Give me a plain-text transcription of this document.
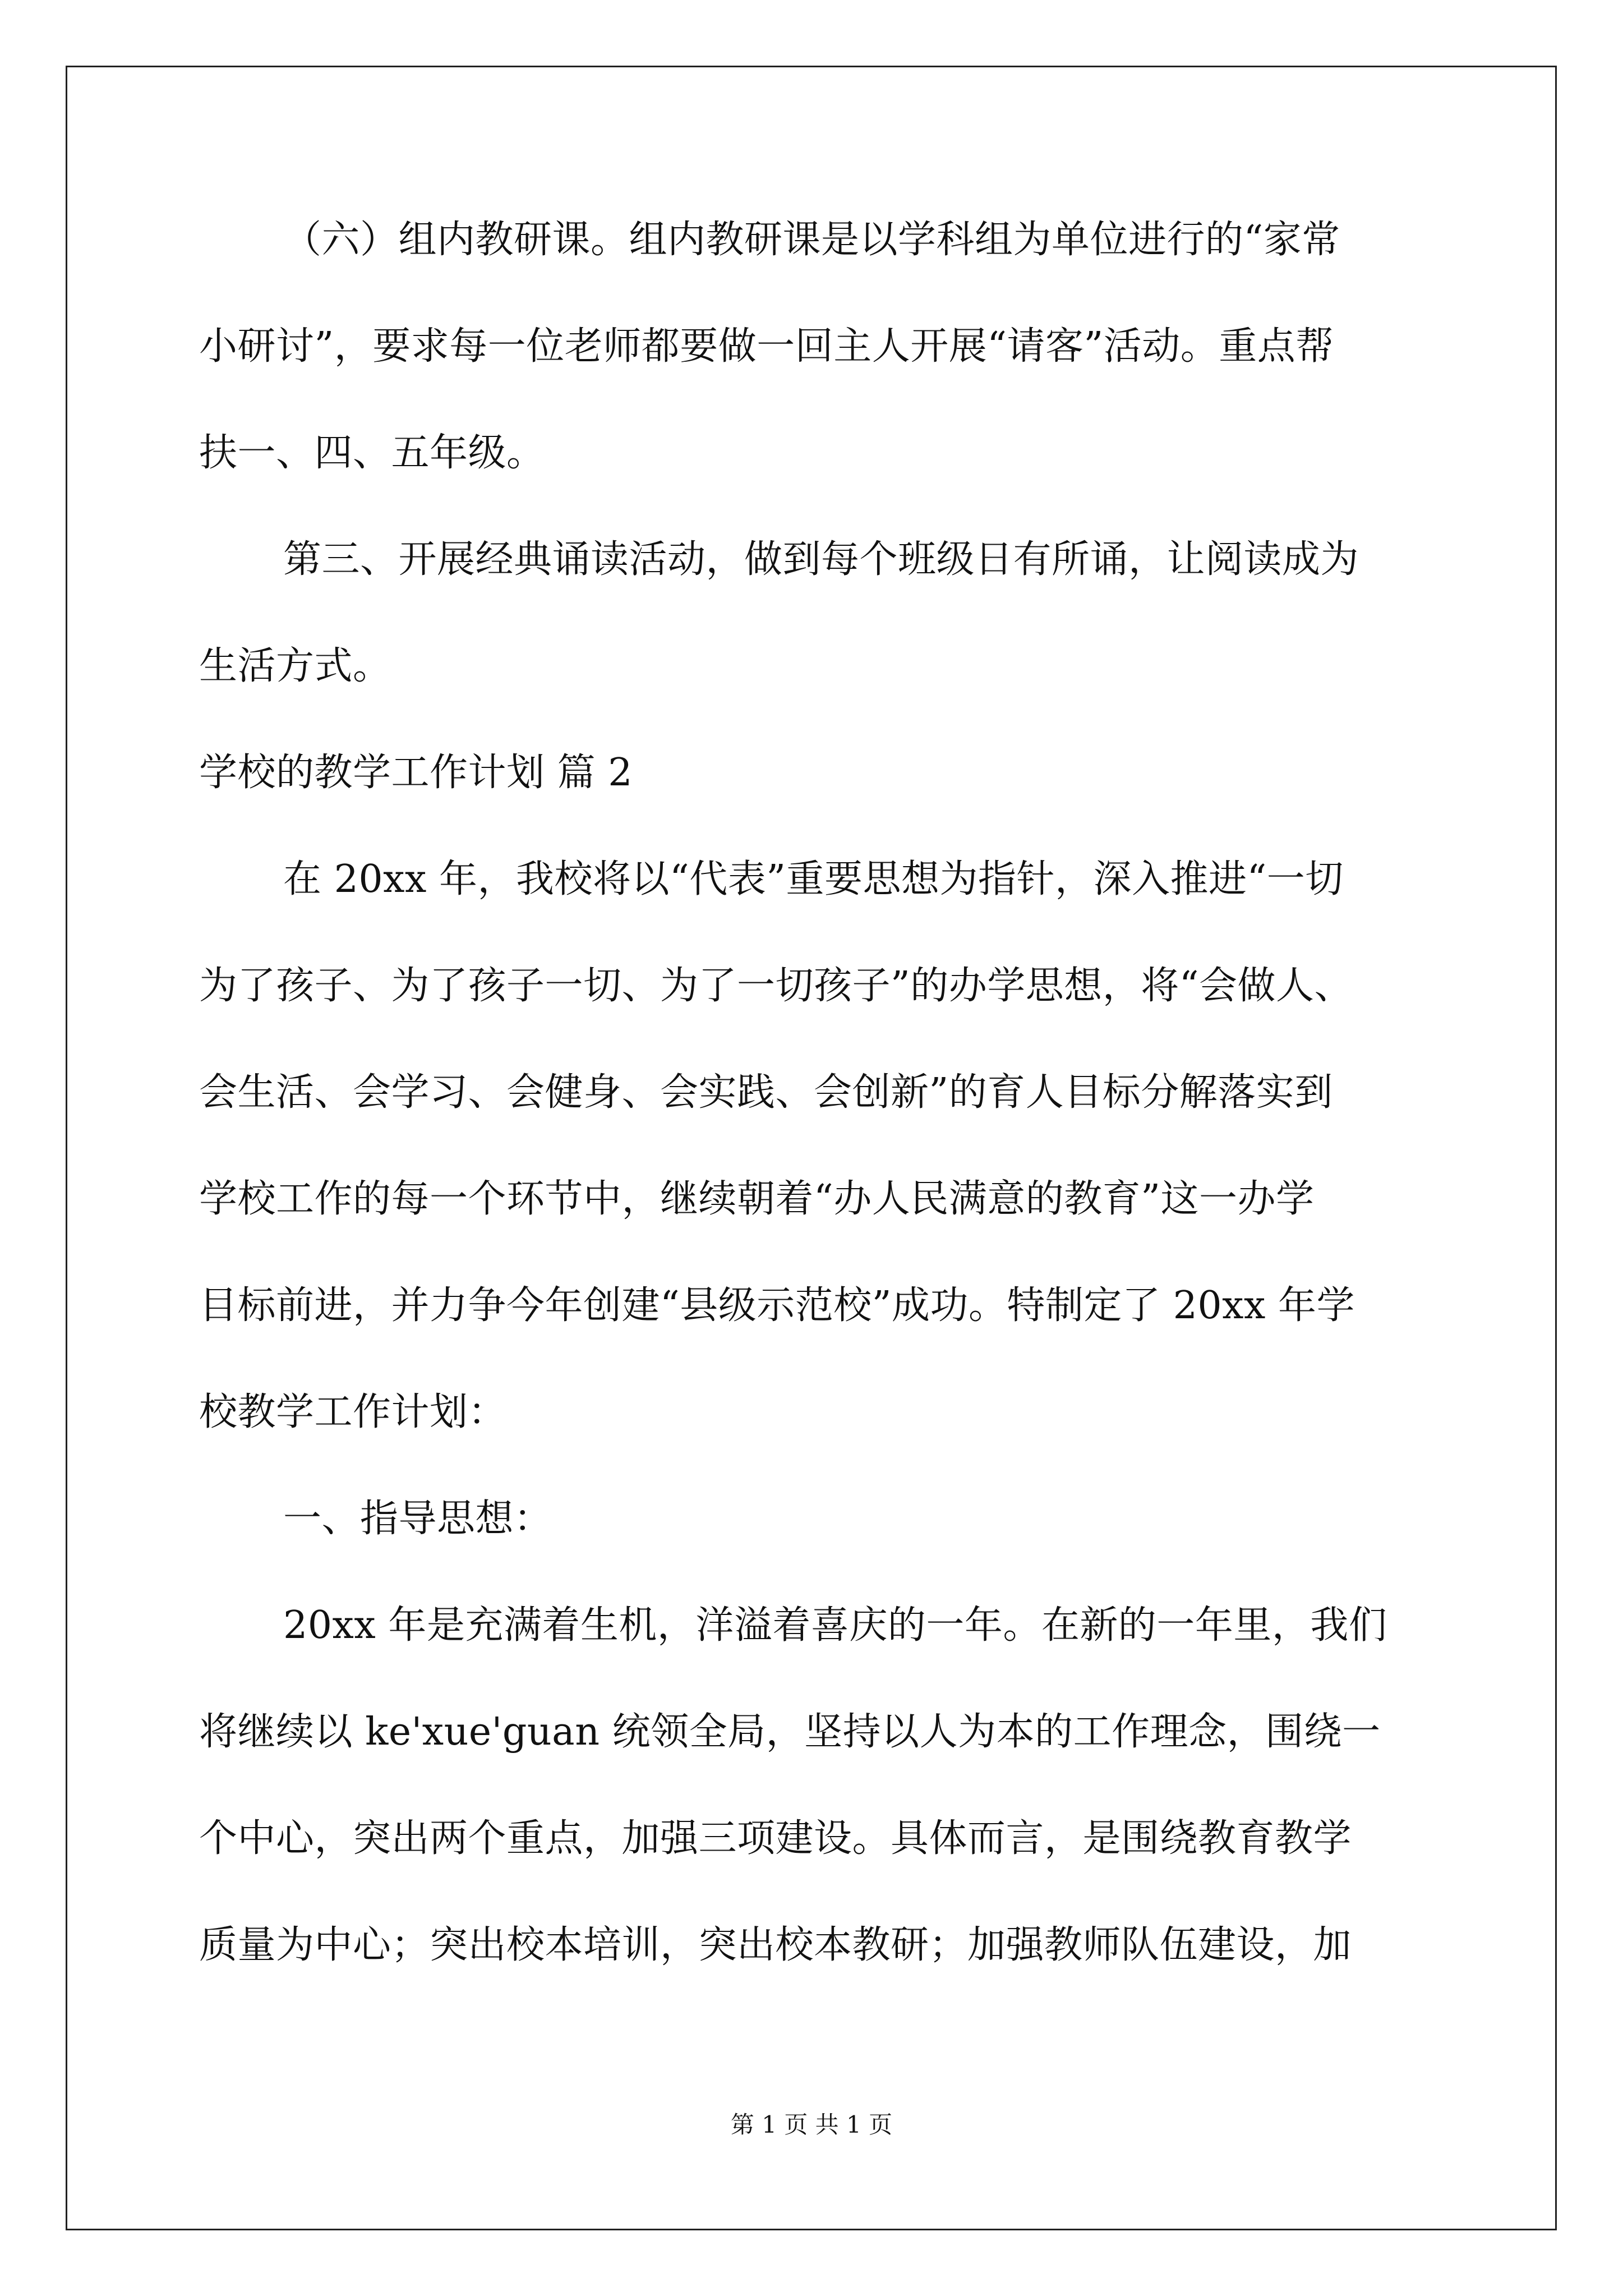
（六）组内教研课。组内教研课是以学科组为单位进行的“家常
小研讨”，要求每一位老师都要做一回主人开展“请客”活动。重点帮
扶一、四、五年级。
第三、开展经典诵读活动，做到每个班级日有所诵，让阅读成为
生活方式。
学校的教学工作计划 篇 2
在 20xx 年，我校将以“代表”重要思想为指针，深入推进“一切
为了孩子、为了孩子一切、为了一切孩子”的办学思想，将“会做人、
会生活、会学习、会健身、会实践、会创新”的育人目标分解落实到
学校工作的每一个环节中，继续朝着“办人民满意的教育”这一办学
目标前进，并力争今年创建“县级示范校”成功。特制定了 20xx 年学
校教学工作计划：
一、指导思想：
20xx 年是充满着生机，洋溢着喜庆的一年。在新的一年里，我们
将继续以 ke'xue'guan 统领全局，坚持以人为本的工作理念，围绕一
个中心，突出两个重点，加强三项建设。具体而言，是围绕教育教学
质量为中心；突出校本培训，突出校本教研；加强教师队伍建设，加
第 1 页 共 1 页
